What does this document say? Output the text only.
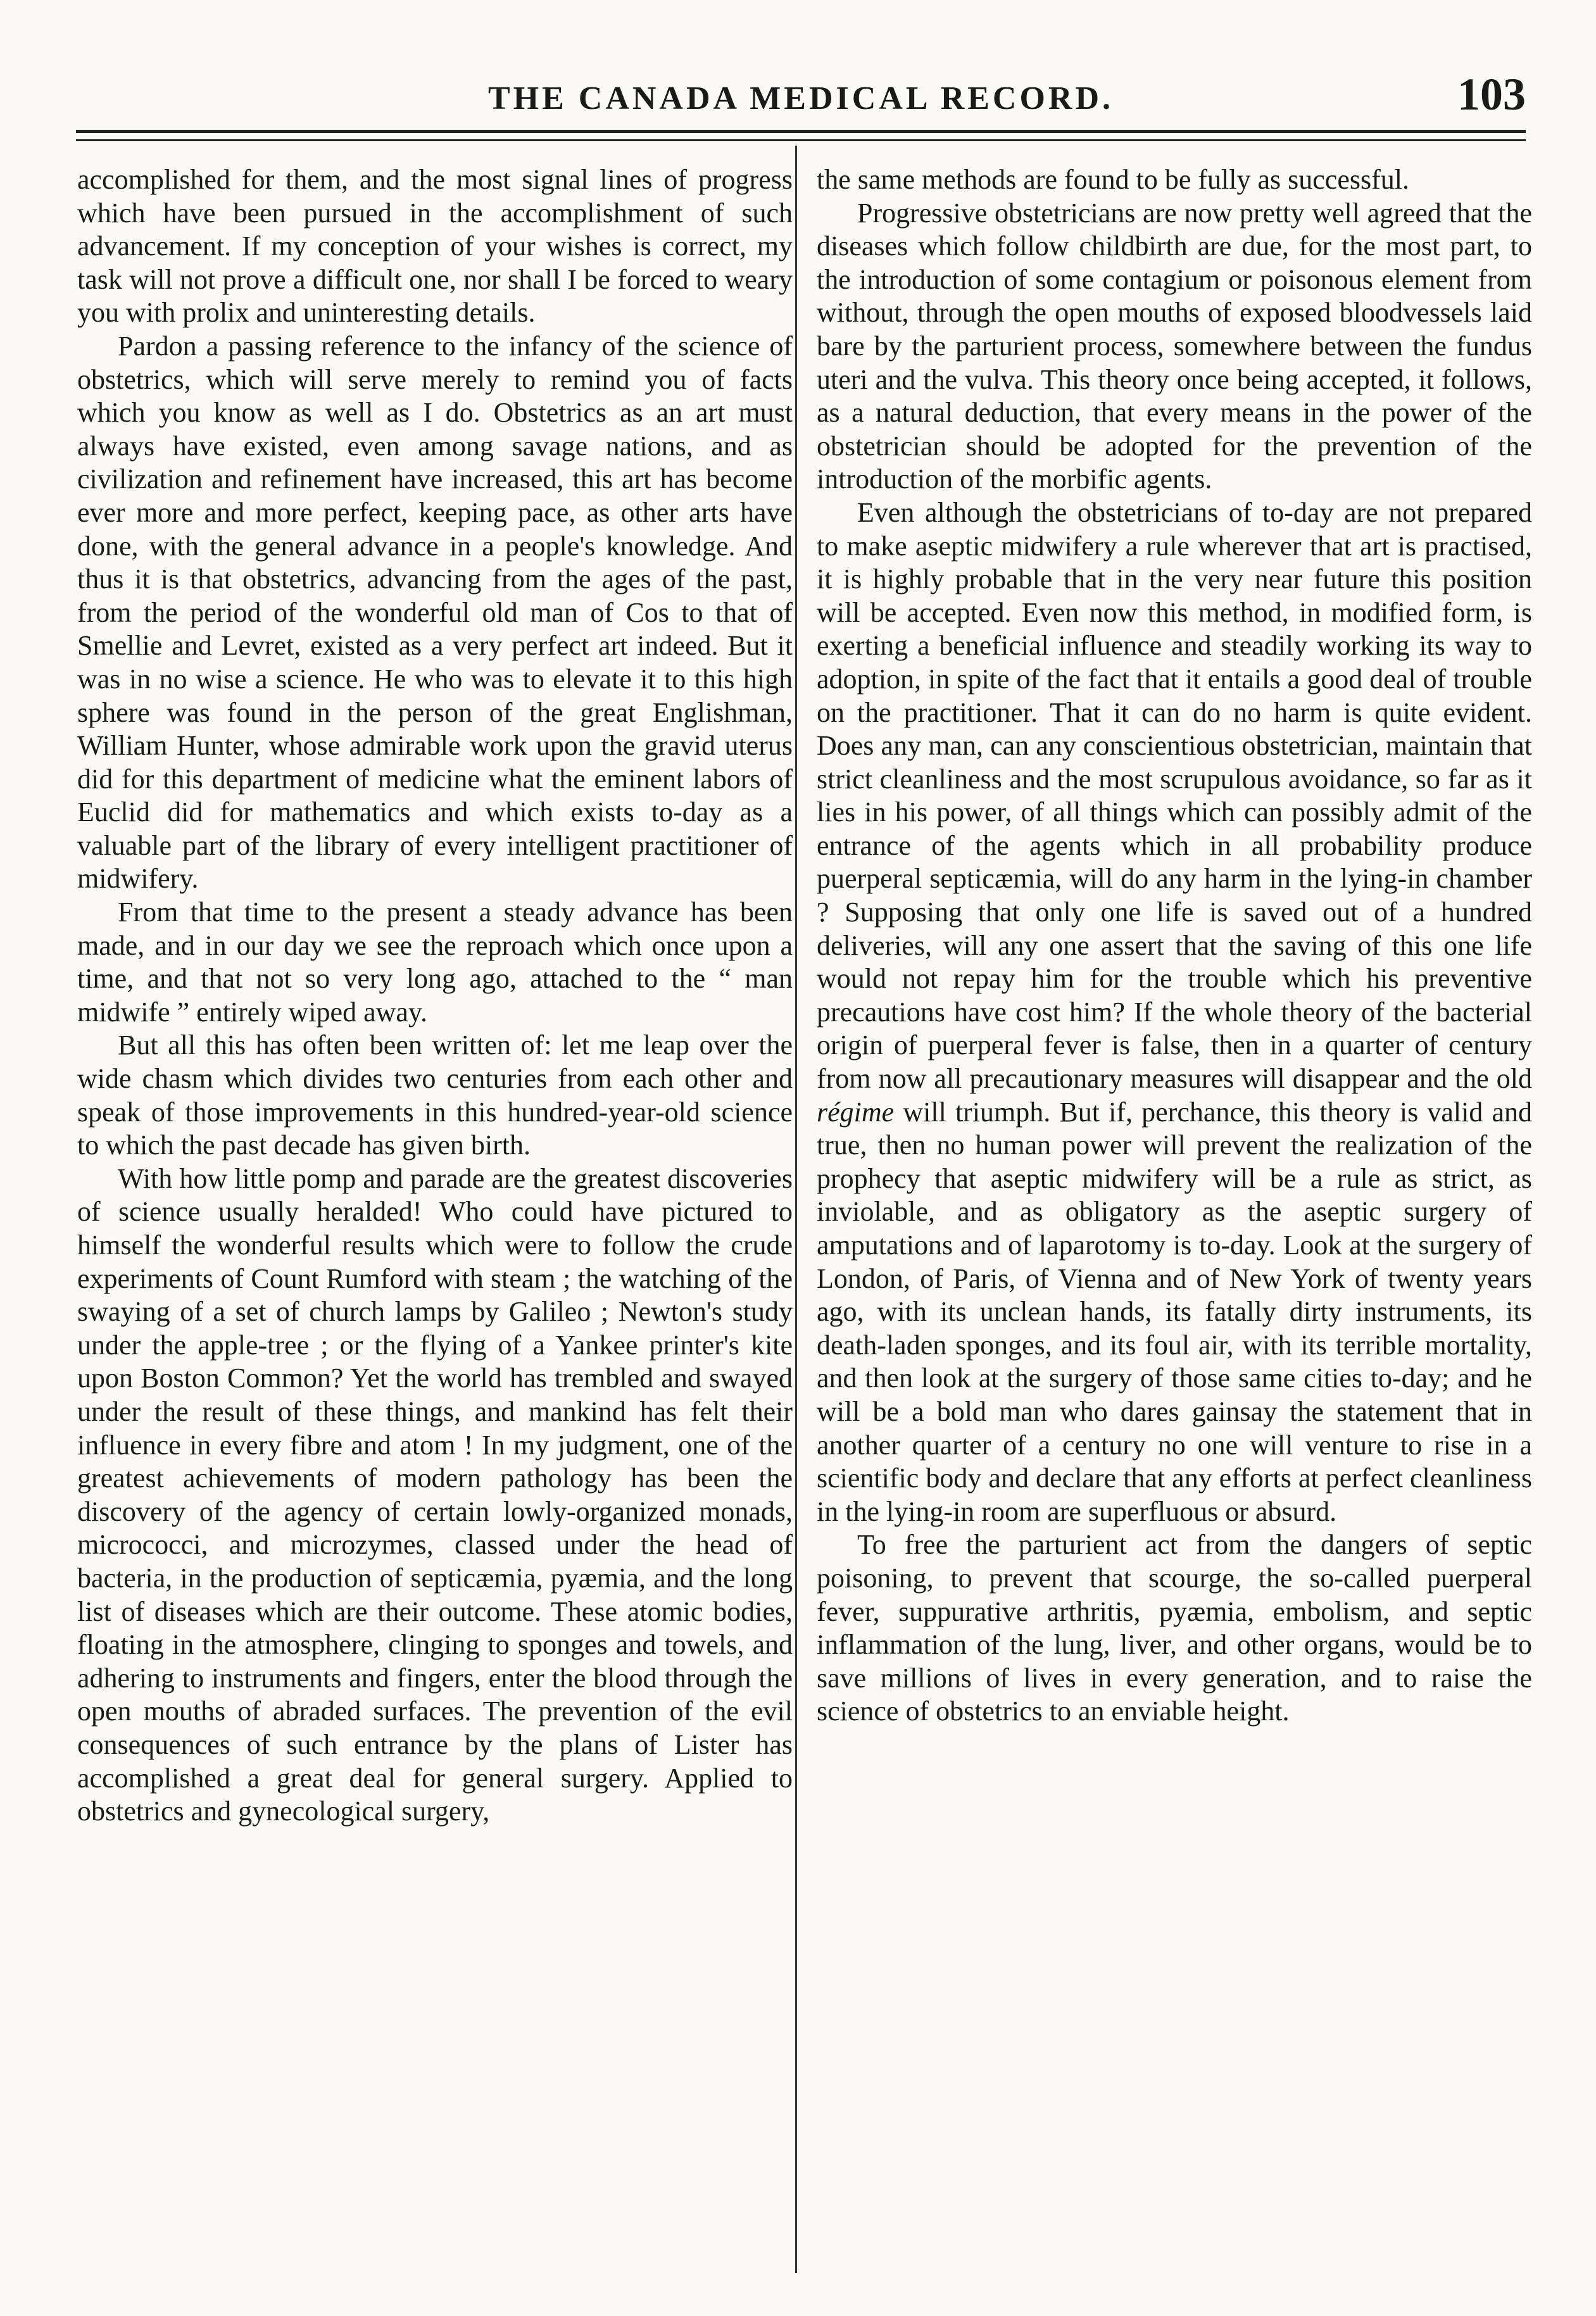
THE CANADA MEDICAL RECORD.	103

accomplished for them, and the most signal lines of progress which have been pursued in the accomplishment of such advancement. If my conception of your wishes is correct, my task will not prove a difficult one, nor shall I be forced to weary you with prolix and uninteresting details.

Pardon a passing reference to the infancy of the science of obstetrics, which will serve merely to remind you of facts which you know as well as I do. Obstetrics as an art must always have existed, even among savage nations, and as civilization and refinement have increased, this art has become ever more and more perfect, keeping pace, as other arts have done, with the general advance in a people's knowledge. And thus it is that obstetrics, advancing from the ages of the past, from the period of the wonderful old man of Cos to that of Smellie and Levret, existed as a very perfect art indeed. But it was in no wise a science. He who was to elevate it to this high sphere was found in the person of the great Englishman, William Hunter, whose admirable work upon the gravid uterus did for this department of medicine what the eminent labors of Euclid did for mathematics and which exists to-day as a valuable part of the library of every intelligent practitioner of midwifery.

From that time to the present a steady advance has been made, and in our day we see the reproach which once upon a time, and that not so very long ago, attached to the “ man midwife ” entirely wiped away.

But all this has often been written of: let me leap over the wide chasm which divides two centuries from each other and speak of those improvements in this hundred-year-old science to which the past decade has given birth.

With how little pomp and parade are the greatest discoveries of science usually heralded! Who could have pictured to himself the wonderful results which were to follow the crude experiments of Count Rumford with steam ; the watching of the swaying of a set of church lamps by Galileo ; Newton's study under the apple-tree ; or the flying of a Yankee printer's kite upon Boston Common? Yet the world has trembled and swayed under the result of these things, and mankind has felt their influence in every fibre and atom ! In my judgment, one of the greatest achievements of modern pathology has been the discovery of the agency of certain lowly-organized monads, micrococci, and microzymes, classed under the head of bacteria, in the production of septicæmia, pyæmia, and the long list of diseases which are their outcome. These atomic bodies, floating in the atmosphere, clinging to sponges and towels, and adhering to instruments and fingers, enter the blood through the open mouths of abraded surfaces. The prevention of the evil consequences of such entrance by the plans of Lister has accomplished a great deal for general surgery. Applied to obstetrics and gynecological surgery,

the same methods are found to be fully as successful.

Progressive obstetricians are now pretty well agreed that the diseases which follow childbirth are due, for the most part, to the introduction of some contagium or poisonous element from without, through the open mouths of exposed bloodvessels laid bare by the parturient process, somewhere between the fundus uteri and the vulva. This theory once being accepted, it follows, as a natural deduction, that every means in the power of the obstetrician should be adopted for the prevention of the introduction of the morbific agents.

Even although the obstetricians of to-day are not prepared to make aseptic midwifery a rule wherever that art is practised, it is highly probable that in the very near future this position will be accepted. Even now this method, in modified form, is exerting a beneficial influence and steadily working its way to adoption, in spite of the fact that it entails a good deal of trouble on the practitioner. That it can do no harm is quite evident. Does any man, can any conscientious obstetrician, maintain that strict cleanliness and the most scrupulous avoidance, so far as it lies in his power, of all things which can possibly admit of the entrance of the agents which in all probability produce puerperal septicæmia, will do any harm in the lying-in chamber ? Supposing that only one life is saved out of a hundred deliveries, will any one assert that the saving of this one life would not repay him for the trouble which his preventive precautions have cost him? If the whole theory of the bacterial origin of puerperal fever is false, then in a quarter of century from now all precautionary measures will disappear and the old régime will triumph. But if, perchance, this theory is valid and true, then no human power will prevent the realization of the prophecy that aseptic midwifery will be a rule as strict, as inviolable, and as obligatory as the aseptic surgery of amputations and of laparotomy is to-day. Look at the surgery of London, of Paris, of Vienna and of New York of twenty years ago, with its unclean hands, its fatally dirty instruments, its death-laden sponges, and its foul air, with its terrible mortality, and then look at the surgery of those same cities to-day; and he will be a bold man who dares gainsay the statement that in another quarter of a century no one will venture to rise in a scientific body and declare that any efforts at perfect cleanliness in the lying-in room are superfluous or absurd.

To free the parturient act from the dangers of septic poisoning, to prevent that scourge, the so-called puerperal fever, suppurative arthritis, pyæmia, embolism, and septic inflammation of the lung, liver, and other organs, would be to save millions of lives in every generation, and to raise the science of obstetrics to an enviable height.
